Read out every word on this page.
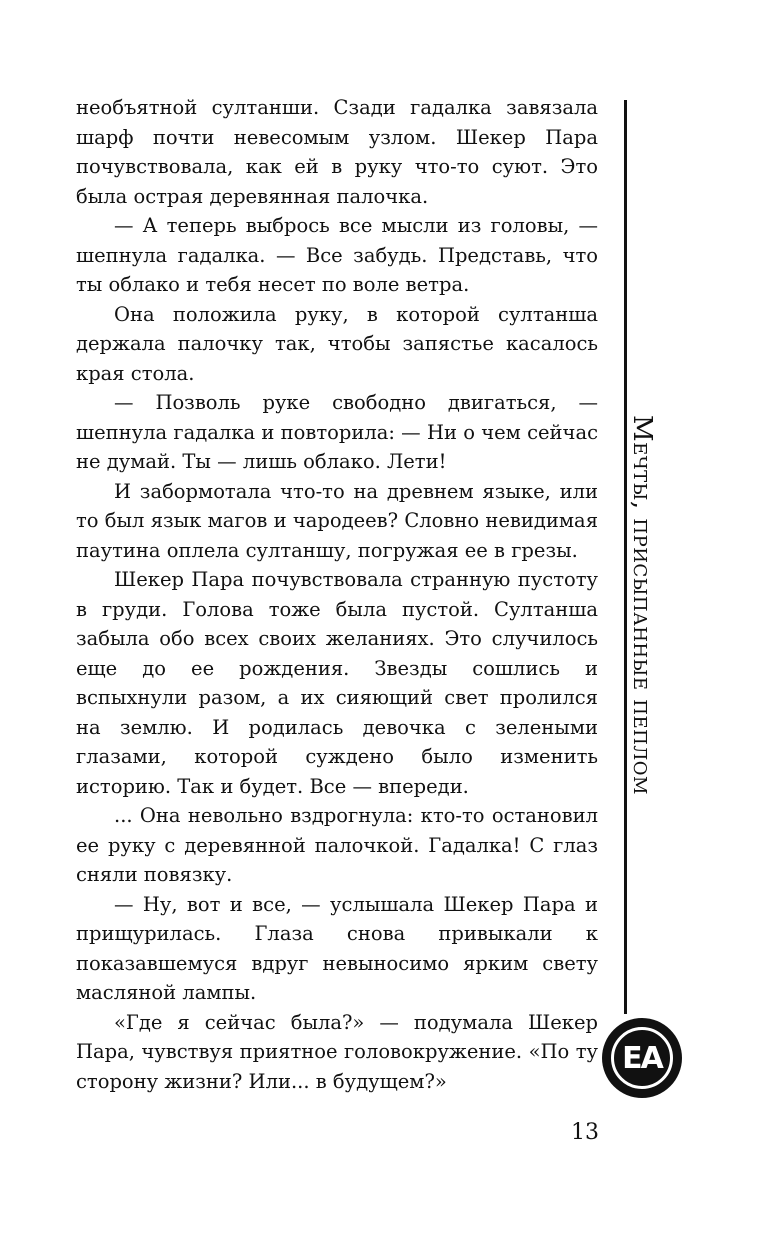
необъятной султанши. Сзади гадалка завязала шарф почти невесомым узлом. Шекер Пара почувствовала, как ей в руку что-то суют. Это была острая деревянная палочка.

— А теперь выбрось все мысли из головы, — шепнула гадалка. — Все забудь. Представь, что ты облако и тебя несет по воле ветра.

Она положила руку, в которой султанша держала палочку так, чтобы запястье касалось края стола.

— Позволь руке свободно двигаться, — шепнула гадалка и повторила: — Ни о чем сейчас не думай. Ты — лишь облако. Лети!

И забормотала что-то на древнем языке, или то был язык магов и чародеев? Словно невидимая паутина оплела султаншу, погружая ее в грезы.

Шекер Пара почувствовала странную пустоту в груди. Голова тоже была пустой. Султанша забыла обо всех своих желаниях. Это случилось еще до ее рождения. Звезды сошлись и вспыхнули разом, а их сияющий свет пролился на землю. И родилась девочка с зелеными глазами, которой суждено было изменить историю. Так и будет. Все — впереди.

... Она невольно вздрогнула: кто-то остановил ее руку с деревянной палочкой. Гадалка! С глаз сняли повязку.

— Ну, вот и все, — услышала Шекер Пара и прищурилась. Глаза снова привыкали к показавшемуся вдруг невыносимо ярким свету масляной лампы.

«Где я сейчас была?» — подумала Шекер Пара, чувствуя приятное головокружение. «По ту сторону жизни? Или... в будущем?»

Мечты, присыпанные пеплом
ЕА
13
